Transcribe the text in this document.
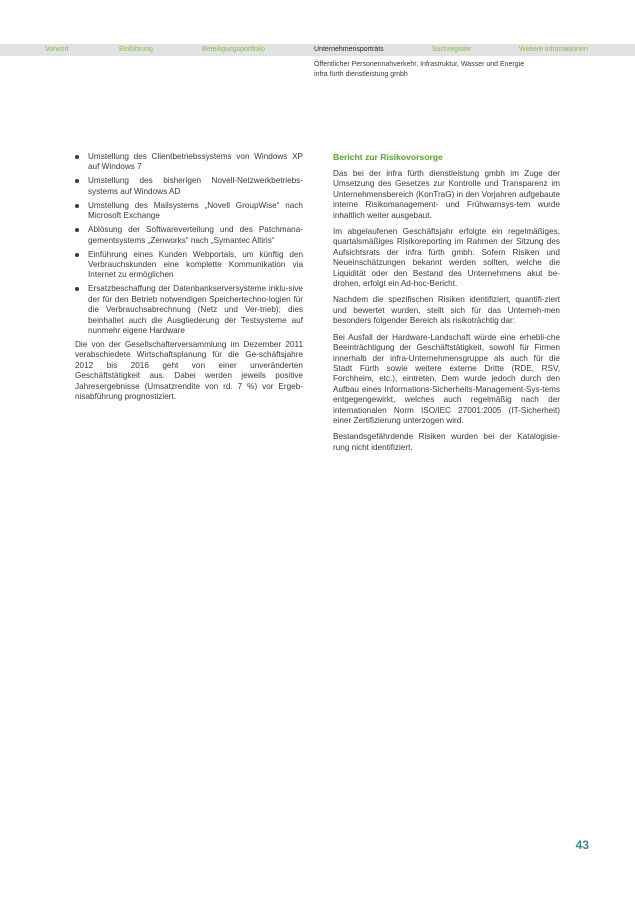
Vorwort	Einführung	Beteiligungsportfolio	Unternehmensporträts	Suchregister	Weitere Informationen
Öffentlicher Personennahverkehr, Infrastruktur, Wasser und Energie
infra fürth dienstleistung gmbh
Umstellung des Clientbetriebssystems von Windows XP auf Windows 7
Umstellung des bisherigen Novell-Netzwerkbetriebs-systems auf Windows AD
Umstellung des Mailsystems „Novell GroupWise“ nach Microsoft Exchange
Ablösung der Softwareverteilung und des Patchmana-gementsystems „Zenworks“ nach „Symantec Altiris“
Einführung eines Kunden Webportals, um künftig den Verbrauchskunden eine komplette Kommunikation via Internet zu ermöglichen
Ersatzbeschaffung der Datenbankserversysteme inklu-sive der für den Betrieb notwendigen Speichertechno-logien für die Verbrauchsabrechnung (Netz und Ver-trieb); dies beinhaltet auch die Ausgliederung der Testsysteme auf nunmehr eigene Hardware

Die von der Gesellschafterversammlung im Dezember 2011 verabschiedete Wirtschaftsplanung für die Ge-schäftsjahre 2012 bis 2016 geht von einer unveränderten Geschäftstätigkeit aus. Dabei werden jeweils positive Jahresergebnisse (Umsatzrendite von rd. 7 %) vor Ergeb-nisabführung prognostiziert.

Bericht zur Risikovorsorge

Das bei der infra fürth dienstleistung gmbh im Zuge der Umsetzung des Gesetzes zur Kontrolle und Transparenz im Unternehmensbereich (KonTraG) in den Vorjahren aufgebaute interne Risikomanagement- und Frühwarnsys-tem wurde inhaltlich weiter ausgebaut.

Im abgelaufenen Geschäftsjahr erfolgte ein regelmäßiges, quartalsmäßiges Risikoreporting im Rahmen der Sitzung des Aufsichtsrats der infra fürth gmbh. Sofern Risiken und Neueinschätzungen bekannt werden sollten, welche die Liquidität oder den Bestand des Unternehmens akut be-drohen, erfolgt ein Ad-hoc-Bericht.

Nachdem die spezifischen Risiken identifiziert, quantifi-ziert und bewertet wurden, stellt sich für das Unterneh-men besonders folgender Bereich als risikoträchtig dar:

Bei Ausfall der Hardware-Landschaft würde eine erhebli-che Beeinträchtigung der Geschäftstätigkeit, sowohl für Firmen innerhalb der infra-Unternehmensgruppe als auch für die Stadt Fürth sowie weitere externe Dritte (RDE, RSV, Forchheim, etc.), eintreten. Dem wurde jedoch durch den Aufbau eines Informations-Sicherheits-Management-Sys-tems entgegengewirkt, welches auch regelmäßig nach der internationalen Norm ISO/IEC 27001:2005 (IT-Sicherheit) einer Zertifizierung unterzogen wird.

Bestandsgefährdende Risiken wurden bei der Katalogisie-rung nicht identifiziert.

43
